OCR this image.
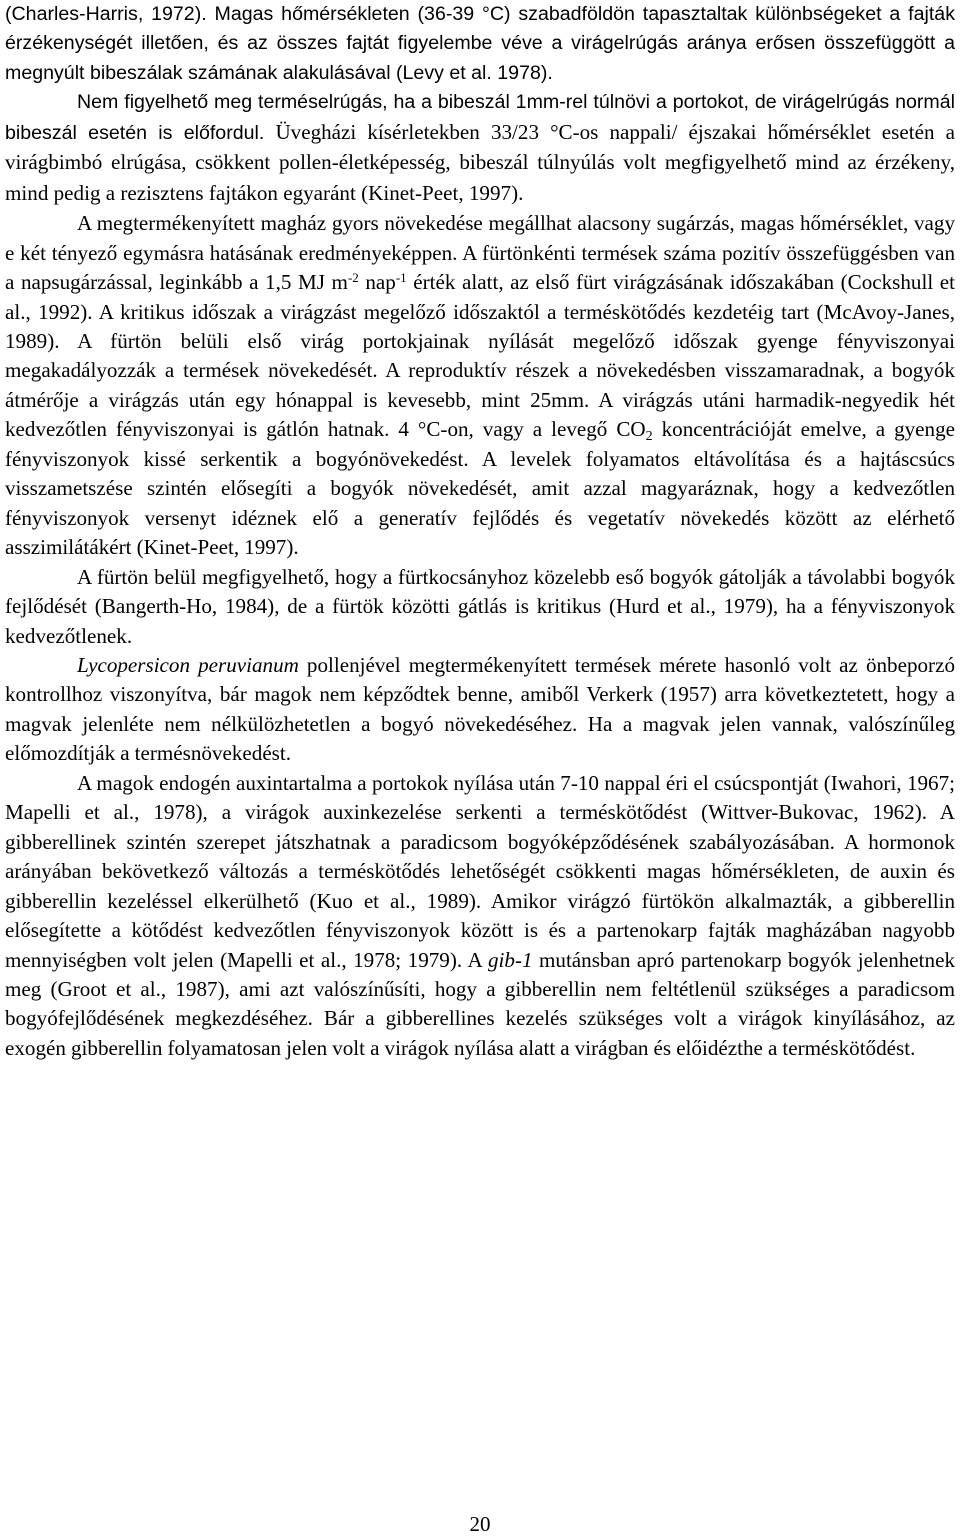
(Charles-Harris, 1972). Magas hőmérsékleten (36-39 °C) szabadföldön tapasztaltak különbségeket a fajták érzékenységét illetően, és az összes fajtát figyelembe véve a virágelrúgás aránya erősen összefüggött a megnyúlt bibeszálak számának alakulásával (Levy et al. 1978).

Nem figyelhető meg terméselrúgás, ha a bibeszál 1mm-rel túlnövi a portokot, de virágelrúgás normál bibeszál esetén is előfordul. Üvegházi kísérletekben 33/23 °C-os nappali/ éjszakai hőmérséklet esetén a virágbimbó elrúgása, csökkent pollen-életképesség, bibeszál túlnyúlás volt megfigyelhető mind az érzékeny, mind pedig a rezisztens fajtákon egyaránt (Kinet-Peet, 1997).

A megtermékenyített magház gyors növekedése megállhat alacsony sugárzás, magas hőmérséklet, vagy e két tényező egymásra hatásának eredményeképpen. A fürtönkénti termések száma pozitív összefüggésben van a napsugárzással, leginkább a 1,5 MJ $m^{-2}$ nap$^{-1}$ érték alatt, az első fürt virágzásának időszakában (Cockshull et al., 1992). A kritikus időszak a virágzást megelőző időszaktól a terméskötődés kezdetéig tart (McAvoy-Janes, 1989). A fürtön belüli első virág portokjainak nyílását megelőző időszak gyenge fényviszonyai megakadályozzák a termések növekedését. A reproduktív részek a növekedésben visszamaradnak, a bogyók átmérője a virágzás után egy hónappal is kevesebb, mint 25mm. A virágzás utáni harmadik-negyedik hét kedvezőtlen fényviszonyai is gátlón hatnak. 4 °C-on, vagy a levegő $CO_2$ koncentrációját emelve, a gyenge fényviszonyok kissé serkentik a bogyónövekedést. A levelek folyamatos eltávolítása és a hajtáscsúcs visszametszése szintén elősegíti a bogyók növekedését, amit azzal magyaráznak, hogy a kedvezőtlen fényviszonyok versenyt idéznek elő a generatív fejlődés és vegetatív növekedés között az elérhető asszimilátákért (Kinet-Peet, 1997).

A fürtön belül megfigyelhető, hogy a fürtkocsányhoz közelebb eső bogyók gátolják a távolabbi bogyók fejlődését (Bangerth-Ho, 1984), de a fürtök közötti gátlás is kritikus (Hurd et al., 1979), ha a fényviszonyok kedvezőtlenek.

Lycopersicon peruvianum pollenjével megtermékenyített termések mérete hasonló volt az önbeporzó kontrollhoz viszonyítva, bár magok nem képződtek benne, amiből Verkerk (1957) arra következtetett, hogy a magvak jelenléte nem nélkülözhetetlen a bogyó növekedéséhez. Ha a magvak jelen vannak, valószínűleg előmozdítják a termésnövekedést.

A magok endogén auxintartalma a portokok nyílása után 7-10 nappal éri el csúcspontját (Iwahori, 1967; Mapelli et al., 1978), a virágok auxinkezelése serkenti a terméskötődést (Wittver-Bukovac, 1962). A gibberellinek szintén szerepet játszhatnak a paradicsom bogyóképződésének szabályozásában. A hormonok arányában bekövetkező változás a terméskötődés lehetőségét csökkenti magas hőmérsékleten, de auxin és gibberellin kezeléssel elkerülhető (Kuo et al., 1989). Amikor virágzó fürtökön alkalmazták, a gibberellin elősegítette a kötődést kedvezőtlen fényviszonyok között is és a partenokarp fajták magházában nagyobb mennyiségben volt jelen (Mapelli et al., 1978; 1979). A gib-1 mutánsban apró partenokarp bogyók jelenhetnek meg (Groot et al., 1987), ami azt valószínűsíti, hogy a gibberellin nem feltétlenül szükséges a paradicsom bogyófejlődésének megkezdéséhez. Bár a gibberellines kezelés szükséges volt a virágok kinyílásához, az exogén gibberellin folyamatosan jelen volt a virágok nyílása alatt a virágban és előidézthe a terméskötődést.

20
